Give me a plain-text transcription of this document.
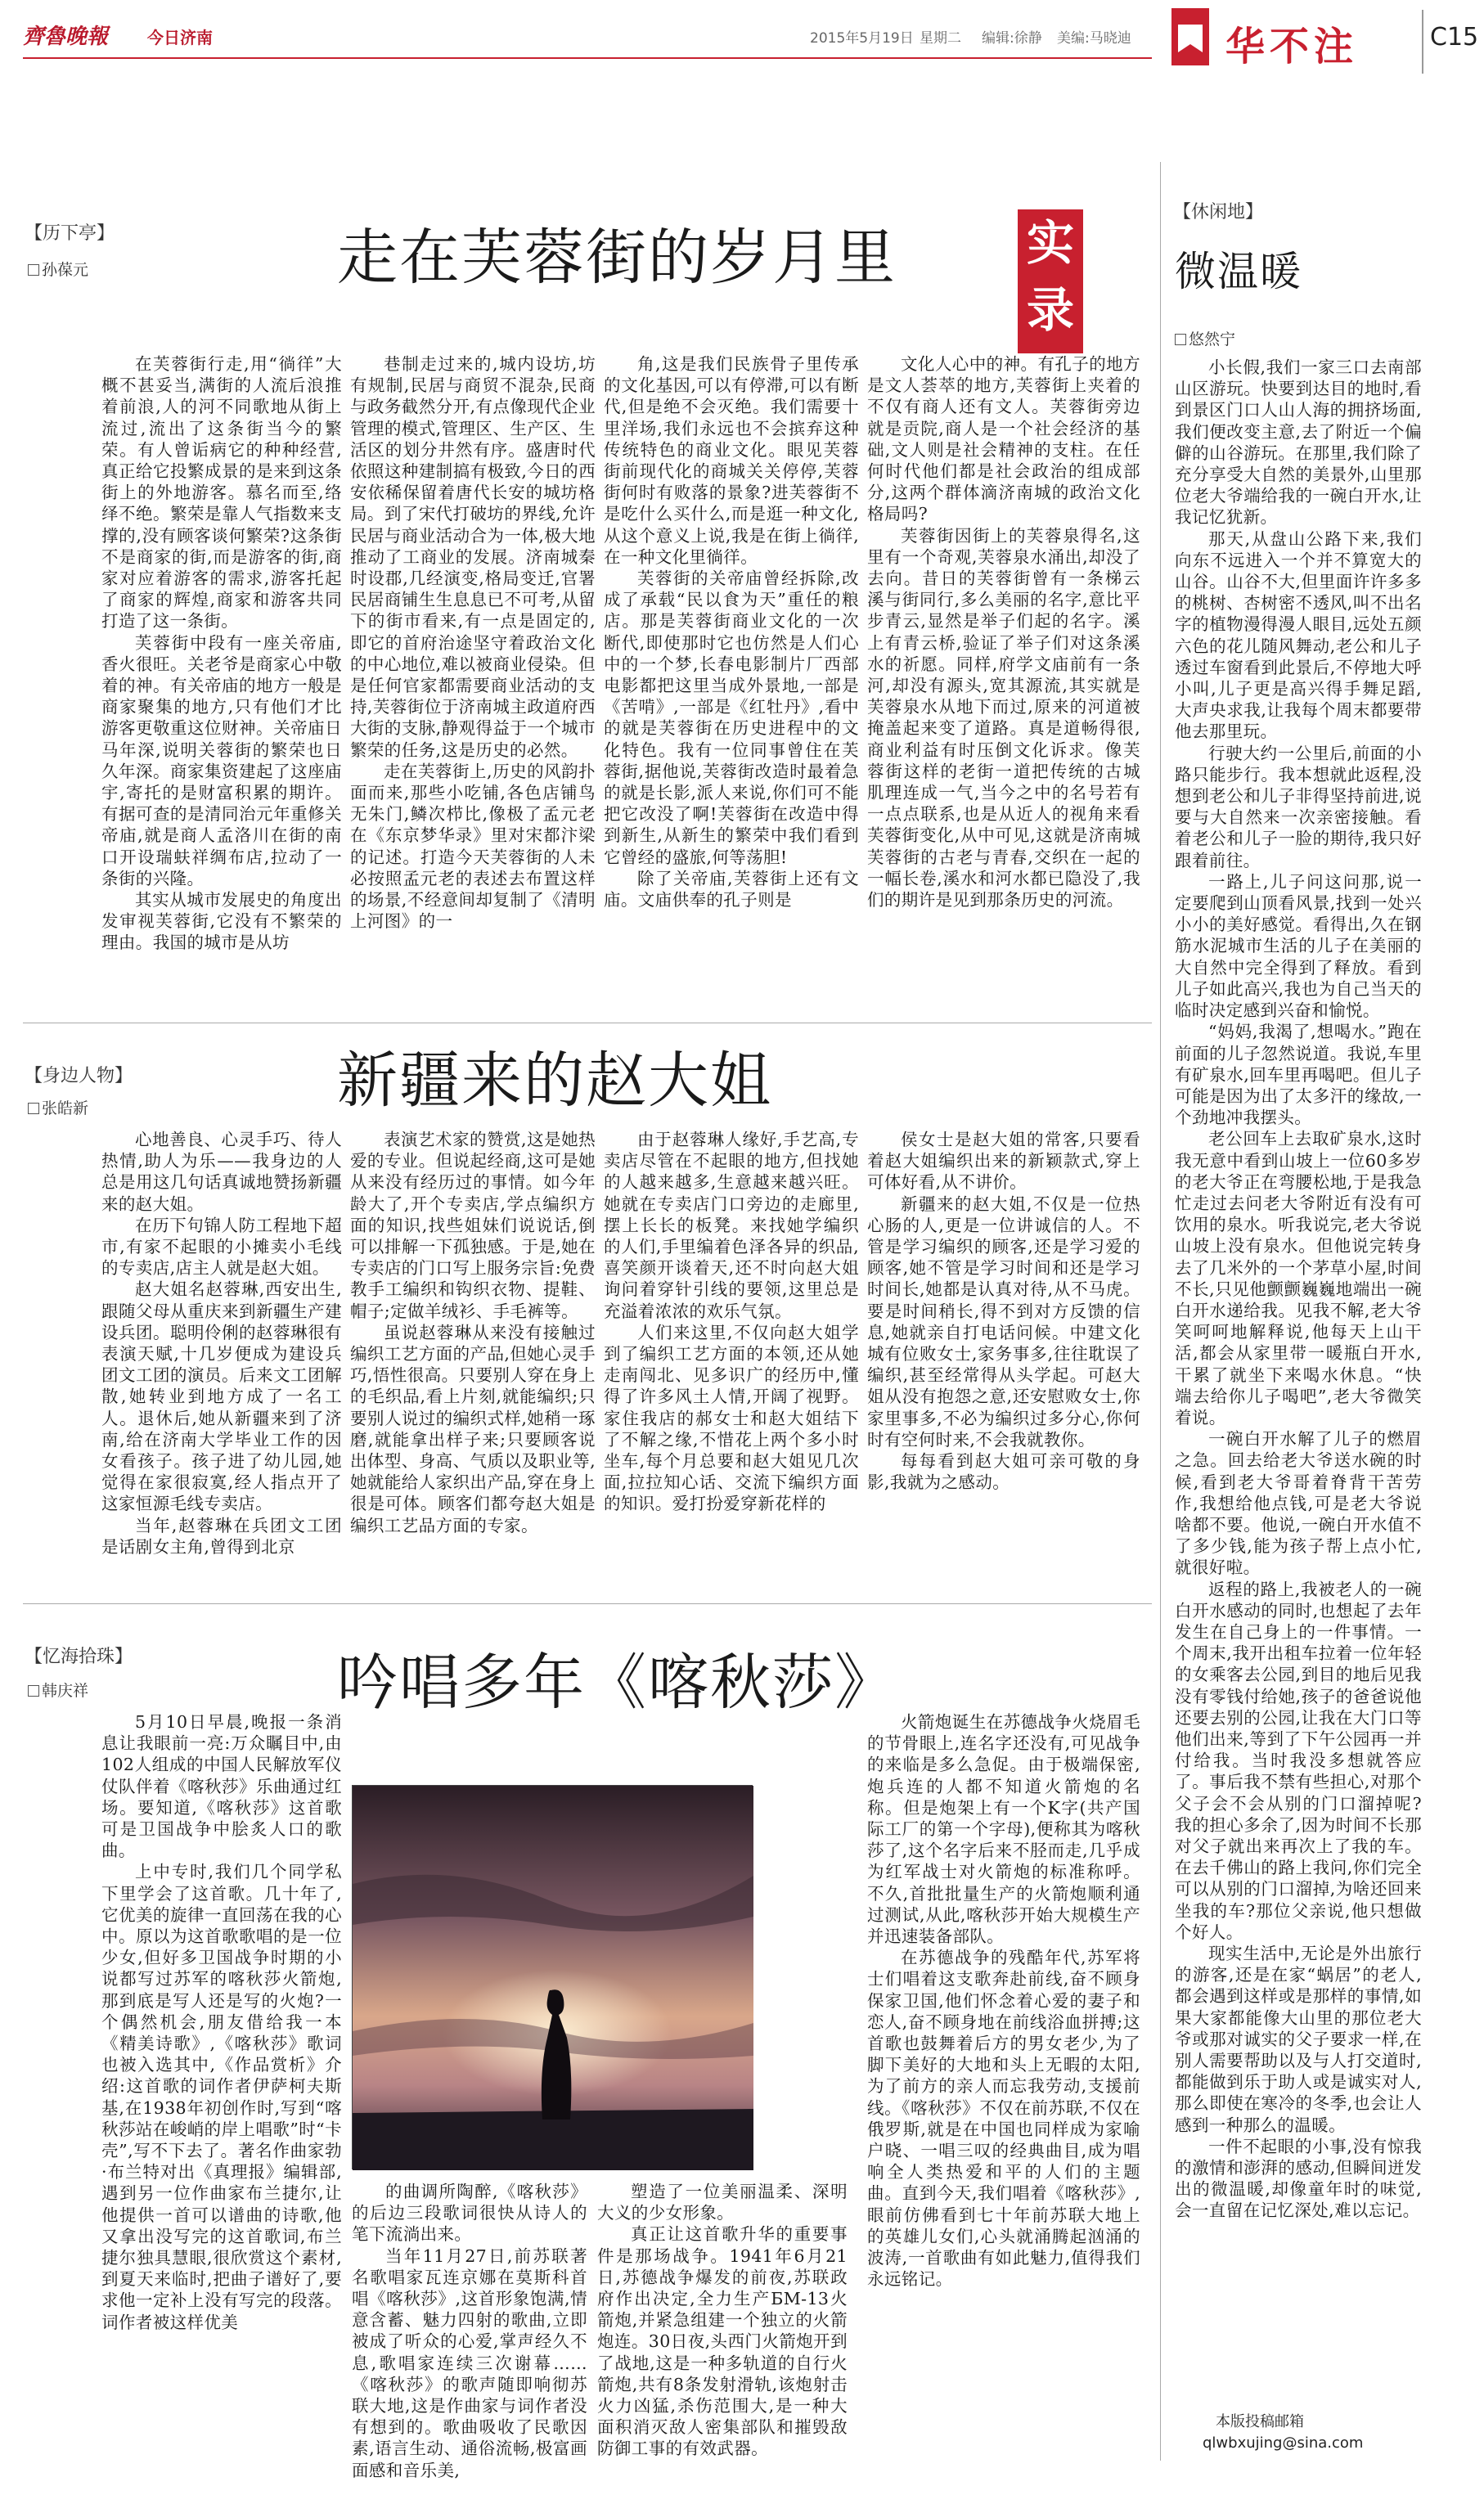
齊魯晚報 今日济南	2015年5月19日 星期二 编辑:徐静 美编:马晓迪 华不注	C15
【历下亭】
孙葆元	走在芙蓉街的岁月里	实录

在芙蓉街行走,用“徜徉”大概不甚妥当,满街的人流后浪推着前浪,人的河不同歌地从街上流过,流出了这条街当今的繁荣。有人曾诟病它的种种经营,真正给它投繁成景的是来到这条街上的外地游客。慕名而至,络绎不绝。繁荣是靠人气指数来支撑的,没有顾客谈何繁荣?这条街不是商家的街,而是游客的街,商家对应着游客的需求,游客托起了商家的辉煌,商家和游客共同打造了这一条街。

芙蓉街中段有一座关帝庙,香火很旺。关老爷是商家心中敬着的神。有关帝庙的地方一般是商家聚集的地方,只有他们才比游客更敬重这位财神。关帝庙日马年深,说明关蓉街的繁荣也日久年深。商家集资建起了这座庙宇,寄托的是财富积累的期许。有据可查的是清同治元年重修关帝庙,就是商人孟洛川在街的南口开设瑞蚨祥绸布店,拉动了一条街的兴隆。

其实从城市发展史的角度出发审视芙蓉街,它没有不繁荣的理由。我国的城市是从坊

巷制走过来的,城内设坊,坊有规制,民居与商贸不混杂,民商与政务截然分开,有点像现代企业管理的模式,管理区、生产区、生活区的划分井然有序。盛唐时代依照这种建制搞有极致,今日的西安依稀保留着唐代长安的城坊格局。到了宋代打破坊的界线,允许民居与商业活动合为一体,极大地推动了工商业的发展。济南城秦时设郡,几经演变,格局变迁,官署民居商铺生生息息已不可考,从留下的街市看来,有一点是固定的,即它的首府治途坚守着政治文化的中心地位,难以被商业侵染。但是任何官家都需要商业活动的支持,芙蓉街位于济南城主政道府西大街的支脉,静观得益于一个城市繁荣的任务,这是历史的必然。

走在芙蓉街上,历史的风韵扑面而来,那些小吃铺,各色店铺鸟无朱门,鳞次栉比,像极了孟元老在《东京梦华录》里对宋都汴梁的记述。打造今天芙蓉街的人未必按照孟元老的表述去布置这样的场景,不经意间却复制了《清明上河图》的一

角,这是我们民族骨子里传承的文化基因,可以有停滞,可以有断代,但是绝不会灭绝。我们需要十里洋场,我们永远也不会摈弃这种传统特色的商业文化。眼见芙蓉街前现代化的商城关关停停,芙蓉街何时有败落的景象?进芙蓉街不是吃什么买什么,而是逛一种文化,从这个意义上说,我是在街上徜徉,在一种文化里徜徉。

芙蓉街的关帝庙曾经拆除,改成了承载“民以食为天”重任的粮店。那是芙蓉街商业文化的一次断代,即使那时它也仿然是人们心中的一个梦,长春电影制片厂西部电影都把这里当成外景地,一部是《苦啃》,一部是《红牡丹》,看中的就是芙蓉街在历史进程中的文化特色。我有一位同事曾住在芙蓉街,据他说,芙蓉街改造时最着急的就是长影,派人来说,你们可不能把它改没了啊!芙蓉街在改造中得到新生,从新生的繁荣中我们看到它曾经的盛旅,何等荡胆!

除了关帝庙,芙蓉街上还有文庙。文庙供奉的孔子则是

文化人心中的神。有孔子的地方是文人荟萃的地方,芙蓉街上夹着的不仅有商人还有文人。芙蓉街旁边就是贡院,商人是一个社会经济的基础,文人则是社会精神的支柱。在任何时代他们都是社会政治的组成部分,这两个群体滴济南城的政治文化格局吗?

芙蓉街因街上的芙蓉泉得名,这里有一个奇观,芙蓉泉水涌出,却没了去向。昔日的芙蓉街曾有一条梯云溪与街同行,多么美丽的名字,意比平步青云,显然是举子们起的名字。溪上有青云桥,验证了举子们对这条溪水的祈愿。同样,府学文庙前有一条河,却没有源头,宽其源流,其实就是芙蓉泉水从地下而过,原来的河道被掩盖起来变了道路。真是道畅得很,商业利益有时压倒文化诉求。像芙蓉街这样的老街一道把传统的古城肌理连成一气,当今之中的名号若有一点点联系,也是从近人的视角来看芙蓉街变化,从中可见,这就是济南城芙蓉街的古老与青春,交织在一起的一幅长卷,溪水和河水都已隐没了,我们的期许是见到那条历史的河流。

【身边人物】
张皓新	新疆来的赵大姐

心地善良、心灵手巧、待人热情,助人为乐——我身边的人总是用这几句话真诚地赞扬新疆来的赵大姐。

在历下句锦人防工程地下超市,有家不起眼的小摊卖小毛线的专卖店,店主人就是赵大姐。

赵大姐名赵蓉琳,西安出生,跟随父母从重庆来到新疆生产建设兵团。聪明伶俐的赵蓉琳很有表演天赋,十几岁便成为建设兵团文工团的演员。后来文工团解散,她转业到地方成了一名工人。退休后,她从新疆来到了济南,给在济南大学毕业工作的因女看孩子。孩子进了幼儿园,她觉得在家很寂寞,经人指点开了这家恒源毛线专卖店。

当年,赵蓉琳在兵团文工团是话剧女主角,曾得到北京

表演艺术家的赞赏,这是她热爱的专业。但说起经商,这可是她从来没有经历过的事情。如今年龄大了,开个专卖店,学点编织方面的知识,找些姐妹们说说话,倒可以排解一下孤独感。于是,她在专卖店的门口写上服务宗旨:免费教手工编织和钩织衣物、提鞋、帽子;定做羊绒衫、手毛裤等。

虽说赵蓉琳从来没有接触过编织工艺方面的产品,但她心灵手巧,悟性很高。只要别人穿在身上的毛织品,看上片刻,就能编织;只要别人说过的编织式样,她稍一琢磨,就能拿出样子来;只要顾客说出体型、身高、气质以及职业等,她就能给人家织出产品,穿在身上很是可体。顾客们都夸赵大姐是编织工艺品方面的专家。

由于赵蓉琳人缘好,手艺高,专卖店尽管在不起眼的地方,但找她的人越来越多,生意越来越兴旺。她就在专卖店门口旁边的走廊里,摆上长长的板凳。来找她学编织的人们,手里编着色泽各异的织品,喜笑颜开谈着天,还不时向赵大姐询问着穿针引线的要领,这里总是充溢着浓浓的欢乐气氛。

人们来这里,不仅向赵大姐学到了编织工艺方面的本领,还从她走南闯北、见多识广的经历中,懂得了许多风土人情,开阔了视野。家住我店的郝女士和赵大姐结下了不解之缘,不惜花上两个多小时坐车,每个月总要和赵大姐见几次面,拉拉知心话、交流下编织方面的知识。爱打扮爱穿新花样的

侯女士是赵大姐的常客,只要看着赵大姐编织出来的新颖款式,穿上可体好看,从不讲价。

新疆来的赵大姐,不仅是一位热心肠的人,更是一位讲诚信的人。不管是学习编织的顾客,还是学习爱的顾客,她不管是学习时间和还是学习时间长,她都是认真对待,从不马虎。要是时间稍长,得不到对方反馈的信息,她就亲自打电话问候。中建文化城有位败女士,家务事多,往往耽误了编织,甚至经常得从头学起。可赵大姐从没有抱怨之意,还安慰败女士,你家里事多,不必为编织过多分心,你何时有空何时来,不会我就教你。

每每看到赵大姐可亲可敬的身影,我就为之感动。

【忆海拾珠】
韩庆祥	吟唱多年《喀秋莎》

5月10日早晨,晚报一条消息让我眼前一亮:万众瞩目中,由102人组成的中国人民解放军仪仗队伴着《喀秋莎》乐曲通过红场。要知道,《喀秋莎》这首歌可是卫国战争中脍炙人口的歌曲。

上中专时,我们几个同学私下里学会了这首歌。几十年了,它优美的旋律一直回荡在我的心中。原以为这首歌歌唱的是一位少女,但好多卫国战争时期的小说都写过苏军的喀秋莎火箭炮,那到底是写人还是写的火炮?一个偶然机会,朋友借给我一本《精美诗歌》,《喀秋莎》歌词也被入选其中,《作品赏析》介绍:这首歌的词作者伊萨柯夫斯基,在1938年初创作时,写到“喀秋莎站在峻峭的岸上唱歌”时“卡壳”,写不下去了。著名作曲家勃·布兰特对出《真理报》编辑部,遇到另一位作曲家布兰捷尔,让他提供一首可以谱曲的诗歌,他又拿出没写完的这首歌词,布兰捷尔独具慧眼,很欣赏这个素材,到夏天来临时,把曲子谱好了,要求他一定补上没有写完的段落。词作者被这样优美

的曲调所陶醉,《喀秋莎》的后边三段歌词很快从诗人的笔下流淌出来。

当年11月27日,前苏联著名歌唱家瓦连京娜在莫斯科首唱《喀秋莎》,这首形象饱满,情意含蓄、魅力四射的歌曲,立即被成了听众的心爱,掌声经久不息,歌唱家连续三次谢幕……《喀秋莎》的歌声随即响彻苏联大地,这是作曲家与词作者没有想到的。歌曲吸收了民歌因素,语言生动、通俗流畅,极富画面感和音乐美,

塑造了一位美丽温柔、深明大义的少女形象。

真正让这首歌升华的重要事件是那场战争。1941年6月21日,苏德战争爆发的前夜,苏联政府作出决定,全力生产БМ-13火箭炮,并紧急组建一个独立的火箭炮连。30日夜,头西门火箭炮开到了战地,这是一种多轨道的自行火箭炮,共有8条发射滑轨,该炮射击火力凶猛,杀伤范围大,是一种大面积消灭敌人密集部队和摧毁敌防御工事的有效武器。

火箭炮诞生在苏德战争火烧眉毛的节骨眼上,连名字还没有,可见战争的来临是多么急促。由于极端保密,炮兵连的人都不知道火箭炮的名称。但是炮架上有一个K字(共产国际工厂的第一个字母),便称其为喀秋莎了,这个名字后来不胫而走,几乎成为红军战士对火箭炮的标准称呼。不久,首批批量生产的火箭炮顺利通过测试,从此,喀秋莎开始大规模生产并迅速装备部队。

在苏德战争的残酷年代,苏军将士们唱着这支歌奔赴前线,奋不顾身保家卫国,他们怀念着心爱的妻子和恋人,奋不顾身地在前线浴血拼搏;这首歌也鼓舞着后方的男女老少,为了脚下美好的大地和头上无暇的太阳,为了前方的亲人而忘我劳动,支援前线。《喀秋莎》不仅在前苏联,不仅在俄罗斯,就是在中国也同样成为家喻户晓、一唱三叹的经典曲目,成为唱响全人类热爱和平的人们的主题曲。直到今天,我们唱着《喀秋莎》,眼前仿佛看到七十年前苏联大地上的英雄儿女们,心头就涌腾起汹涌的波涛,一首歌曲有如此魅力,值得我们永远铭记。

【休闲地】
微温暖
悠然宁

小长假,我们一家三口去南部山区游玩。快要到达目的地时,看到景区门口人山人海的拥挤场面,我们便改变主意,去了附近一个偏僻的山谷游玩。在那里,我们除了充分享受大自然的美景外,山里那位老大爷端给我的一碗白开水,让我记忆犹新。

那天,从盘山公路下来,我们向东不远进入一个并不算宽大的山谷。山谷不大,但里面许许多多的桃树、杏树密不透风,叫不出名字的植物漫得漫人眼目,远处五颜六色的花儿随风舞动,老公和儿子透过车窗看到此景后,不停地大呼小叫,儿子更是高兴得手舞足蹈,大声央求我,让我每个周末都要带他去那里玩。

行驶大约一公里后,前面的小路只能步行。我本想就此返程,没想到老公和儿子非得坚持前进,说要与大自然来一次亲密接触。看着老公和儿子一脸的期待,我只好跟着前往。

一路上,儿子问这问那,说一定要爬到山顶看风景,找到一处兴小小的美好感觉。看得出,久在钢筋水泥城市生活的儿子在美丽的大自然中完全得到了释放。看到儿子如此高兴,我也为自己当天的临时决定感到兴奋和愉悦。

“妈妈,我渴了,想喝水。”跑在前面的儿子忽然说道。我说,车里有矿泉水,回车里再喝吧。但儿子可能是因为出了太多汗的缘故,一个劲地冲我摆头。

老公回车上去取矿泉水,这时我无意中看到山坡上一位60多岁的老大爷正在弯腰松地,于是我急忙走过去问老大爷附近有没有可饮用的泉水。听我说完,老大爷说山坡上没有泉水。但他说完转身去了几米外的一个茅草小屋,时间不长,只见他颤颤巍巍地端出一碗白开水递给我。见我不解,老大爷笑呵呵地解释说,他每天上山干活,都会从家里带一暖瓶白开水,干累了就坐下来喝水休息。“快端去给你儿子喝吧”,老大爷微笑着说。

一碗白开水解了儿子的燃眉之急。回去给老大爷送水碗的时候,看到老大爷哥着脊背干苦劳作,我想给他点钱,可是老大爷说啥都不要。他说,一碗白开水值不了多少钱,能为孩子帮上点小忙,就很好啦。

返程的路上,我被老人的一碗白开水感动的同时,也想起了去年发生在自己身上的一件事情。一个周末,我开出租车拉着一位年轻的女乘客去公园,到目的地后见我没有零钱付给她,孩子的爸爸说他还要去别的公园,让我在大门口等他们出来,等到了下午公园再一并付给我。当时我没多想就答应了。事后我不禁有些担心,对那个父子会不会从别的门口溜掉呢?我的担心多余了,因为时间不长那对父子就出来再次上了我的车。在去千佛山的路上我问,你们完全可以从别的门口溜掉,为啥还回来坐我的车?那位父亲说,他只想做个好人。

现实生活中,无论是外出旅行的游客,还是在家“蜗居”的老人,都会遇到这样或是那样的事情,如果大家都能像大山里的那位老大爷或那对诚实的父子要求一样,在别人需要帮助以及与人打交道时,都能做到乐于助人或是诚实对人,那么即使在寒冷的冬季,也会让人感到一种那么的温暖。

一件不起眼的小事,没有惊我的激情和澎湃的感动,但瞬间迸发出的微温暖,却像童年时的味觉,会一直留在记忆深处,难以忘记。

本版投稿邮箱
qlwbxujing@sina.com
